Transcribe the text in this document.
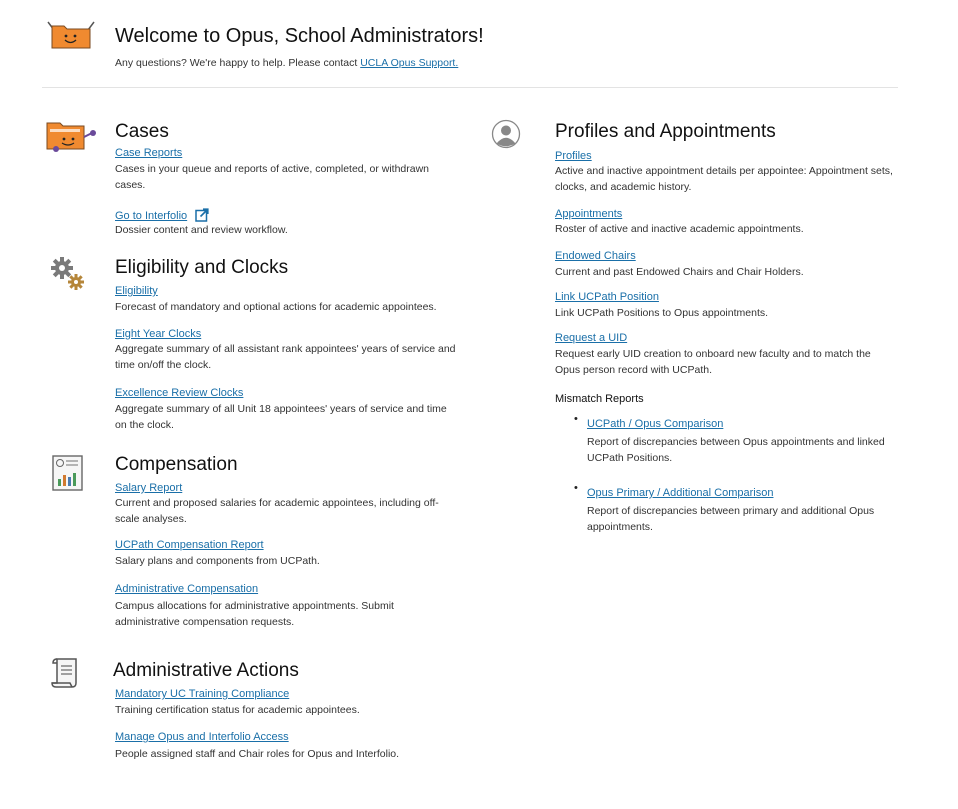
Welcome to Opus, School Administrators!
Any questions? We're happy to help. Please contact UCLA Opus Support.
Cases
Case Reports
Cases in your queue and reports of active, completed, or withdrawn cases.
Go to Interfolio
Dossier content and review workflow.
Eligibility and Clocks
Eligibility
Forecast of mandatory and optional actions for academic appointees.
Eight Year Clocks
Aggregate summary of all assistant rank appointees' years of service and time on/off the clock.
Excellence Review Clocks
Aggregate summary of all Unit 18 appointees' years of service and time on the clock.
Compensation
Salary Report
Current and proposed salaries for academic appointees, including off-scale analyses.
UCPath Compensation Report
Salary plans and components from UCPath.
Administrative Compensation
Campus allocations for administrative appointments. Submit administrative compensation requests.
Administrative Actions
Mandatory UC Training Compliance
Training certification status for academic appointees.
Manage Opus and Interfolio Access
People assigned staff and Chair roles for Opus and Interfolio.
Profiles and Appointments
Profiles
Active and inactive appointment details per appointee: Appointment sets, clocks, and academic history.
Appointments
Roster of active and inactive academic appointments.
Endowed Chairs
Current and past Endowed Chairs and Chair Holders.
Link UCPath Position
Link UCPath Positions to Opus appointments.
Request a UID
Request early UID creation to onboard new faculty and to match the Opus person record with UCPath.
Mismatch Reports
• UCPath / Opus Comparison
Report of discrepancies between Opus appointments and linked UCPath Positions.
• Opus Primary / Additional Comparison
Report of discrepancies between primary and additional Opus appointments.
